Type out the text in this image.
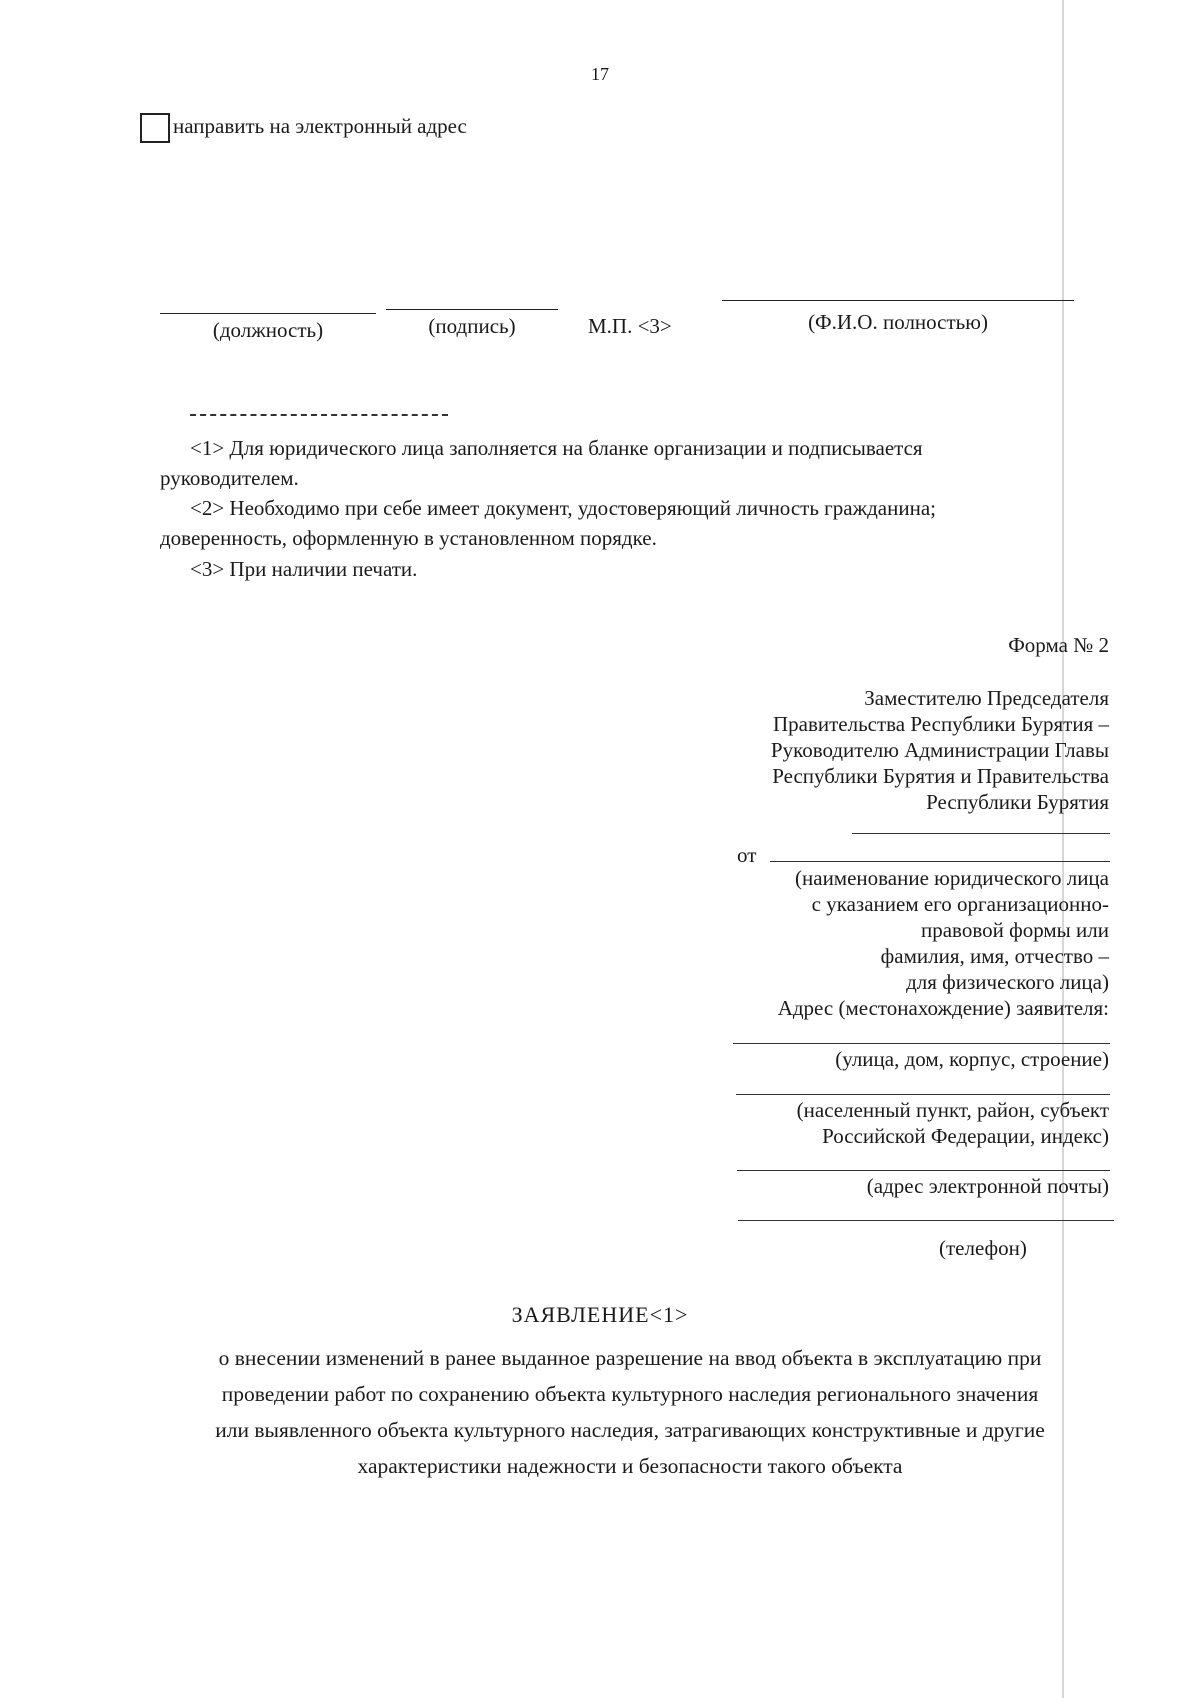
17
направить на электронный адрес
(должность)	(подпись)	М.П. <3>	(Ф.И.О. полностью)
<1> Для юридического лица заполняется на бланке организации и подписывается
руководителем.
<2> Необходимо при себе имеет документ, удостоверяющий личность гражданина;
доверенность, оформленную в установленном порядке.
<3> При наличии печати.
Форма № 2
Заместителю Председателя
Правительства Республики Бурятия –
Руководителю Администрации Главы
Республики Бурятия и Правительства
Республики Бурятия
от
(наименование юридического лица
с указанием его организационно-
правовой формы или
фамилия, имя, отчество –
для физического лица)
Адрес (местонахождение) заявителя:
(улица, дом, корпус, строение)
(населенный пункт, район, субъект
Российской Федерации, индекс)
(адрес электронной почты)
(телефон)
ЗАЯВЛЕНИЕ<1>
о внесении изменений в ранее выданное разрешение на ввод объекта в эксплуатацию при
проведении работ по сохранению объекта культурного наследия регионального значения
или выявленного объекта культурного наследия, затрагивающих конструктивные и другие
характеристики надежности и безопасности такого объекта
